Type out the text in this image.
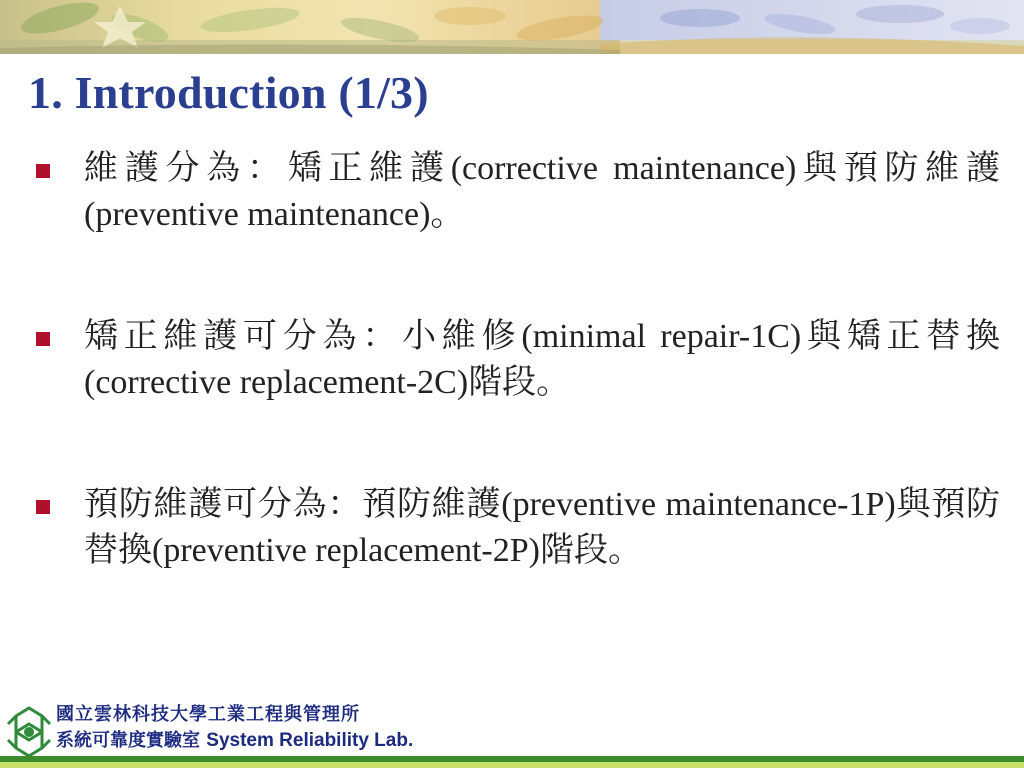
1. Introduction (1/3)
維護分為：矯正維護(corrective maintenance)與預防維護(preventive maintenance)。
矯正維護可分為：小維修(minimal repair-1C)與矯正替換(corrective replacement-2C)階段。
預防維護可分為：預防維護(preventive maintenance-1P)與預防替換(preventive replacement-2P)階段。
國立雲林科技大學工業工程與管理所
系統可靠度實驗室 System Reliability Lab.
